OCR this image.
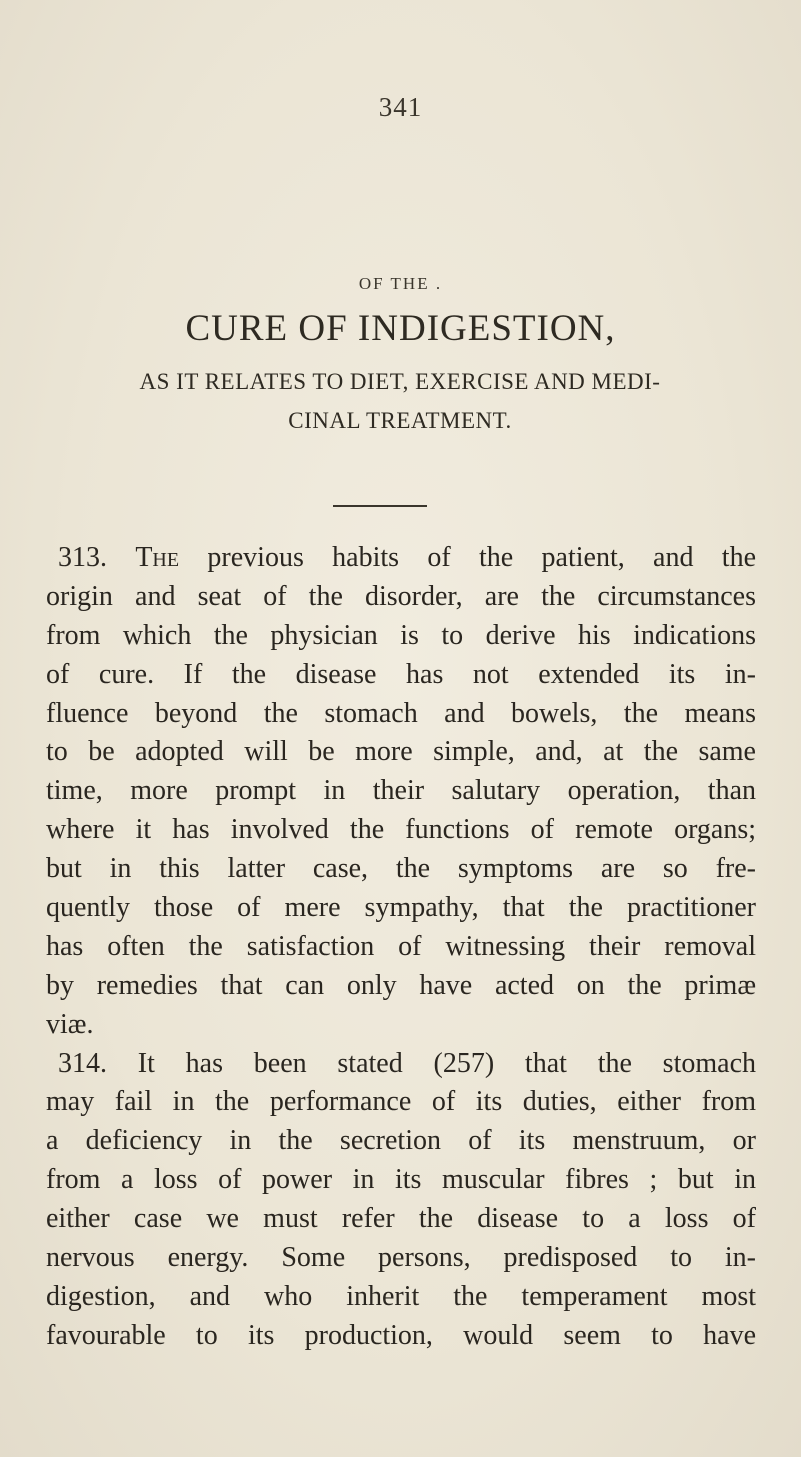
341
OF THE .
CURE OF INDIGESTION,
AS IT RELATES TO DIET, EXERCISE AND MEDI-
CINAL TREATMENT.
313. The previous habits of the patient, and the
origin and seat of the disorder, are the circumstances
from which the physician is to derive his indications
of cure. If the disease has not extended its in-
fluence beyond the stomach and bowels, the means
to be adopted will be more simple, and, at the same
time, more prompt in their salutary operation, than
where it has involved the functions of remote organs;
but in this latter case, the symptoms are so fre-
quently those of mere sympathy, that the practitioner
has often the satisfaction of witnessing their removal
by remedies that can only have acted on the primæ
viæ.
314. It has been stated (257) that the stomach
may fail in the performance of its duties, either from
a deficiency in the secretion of its menstruum, or
from a loss of power in its muscular fibres ; but in
either case we must refer the disease to a loss of
nervous energy. Some persons, predisposed to in-
digestion, and who inherit the temperament most
favourable to its production, would seem to have
